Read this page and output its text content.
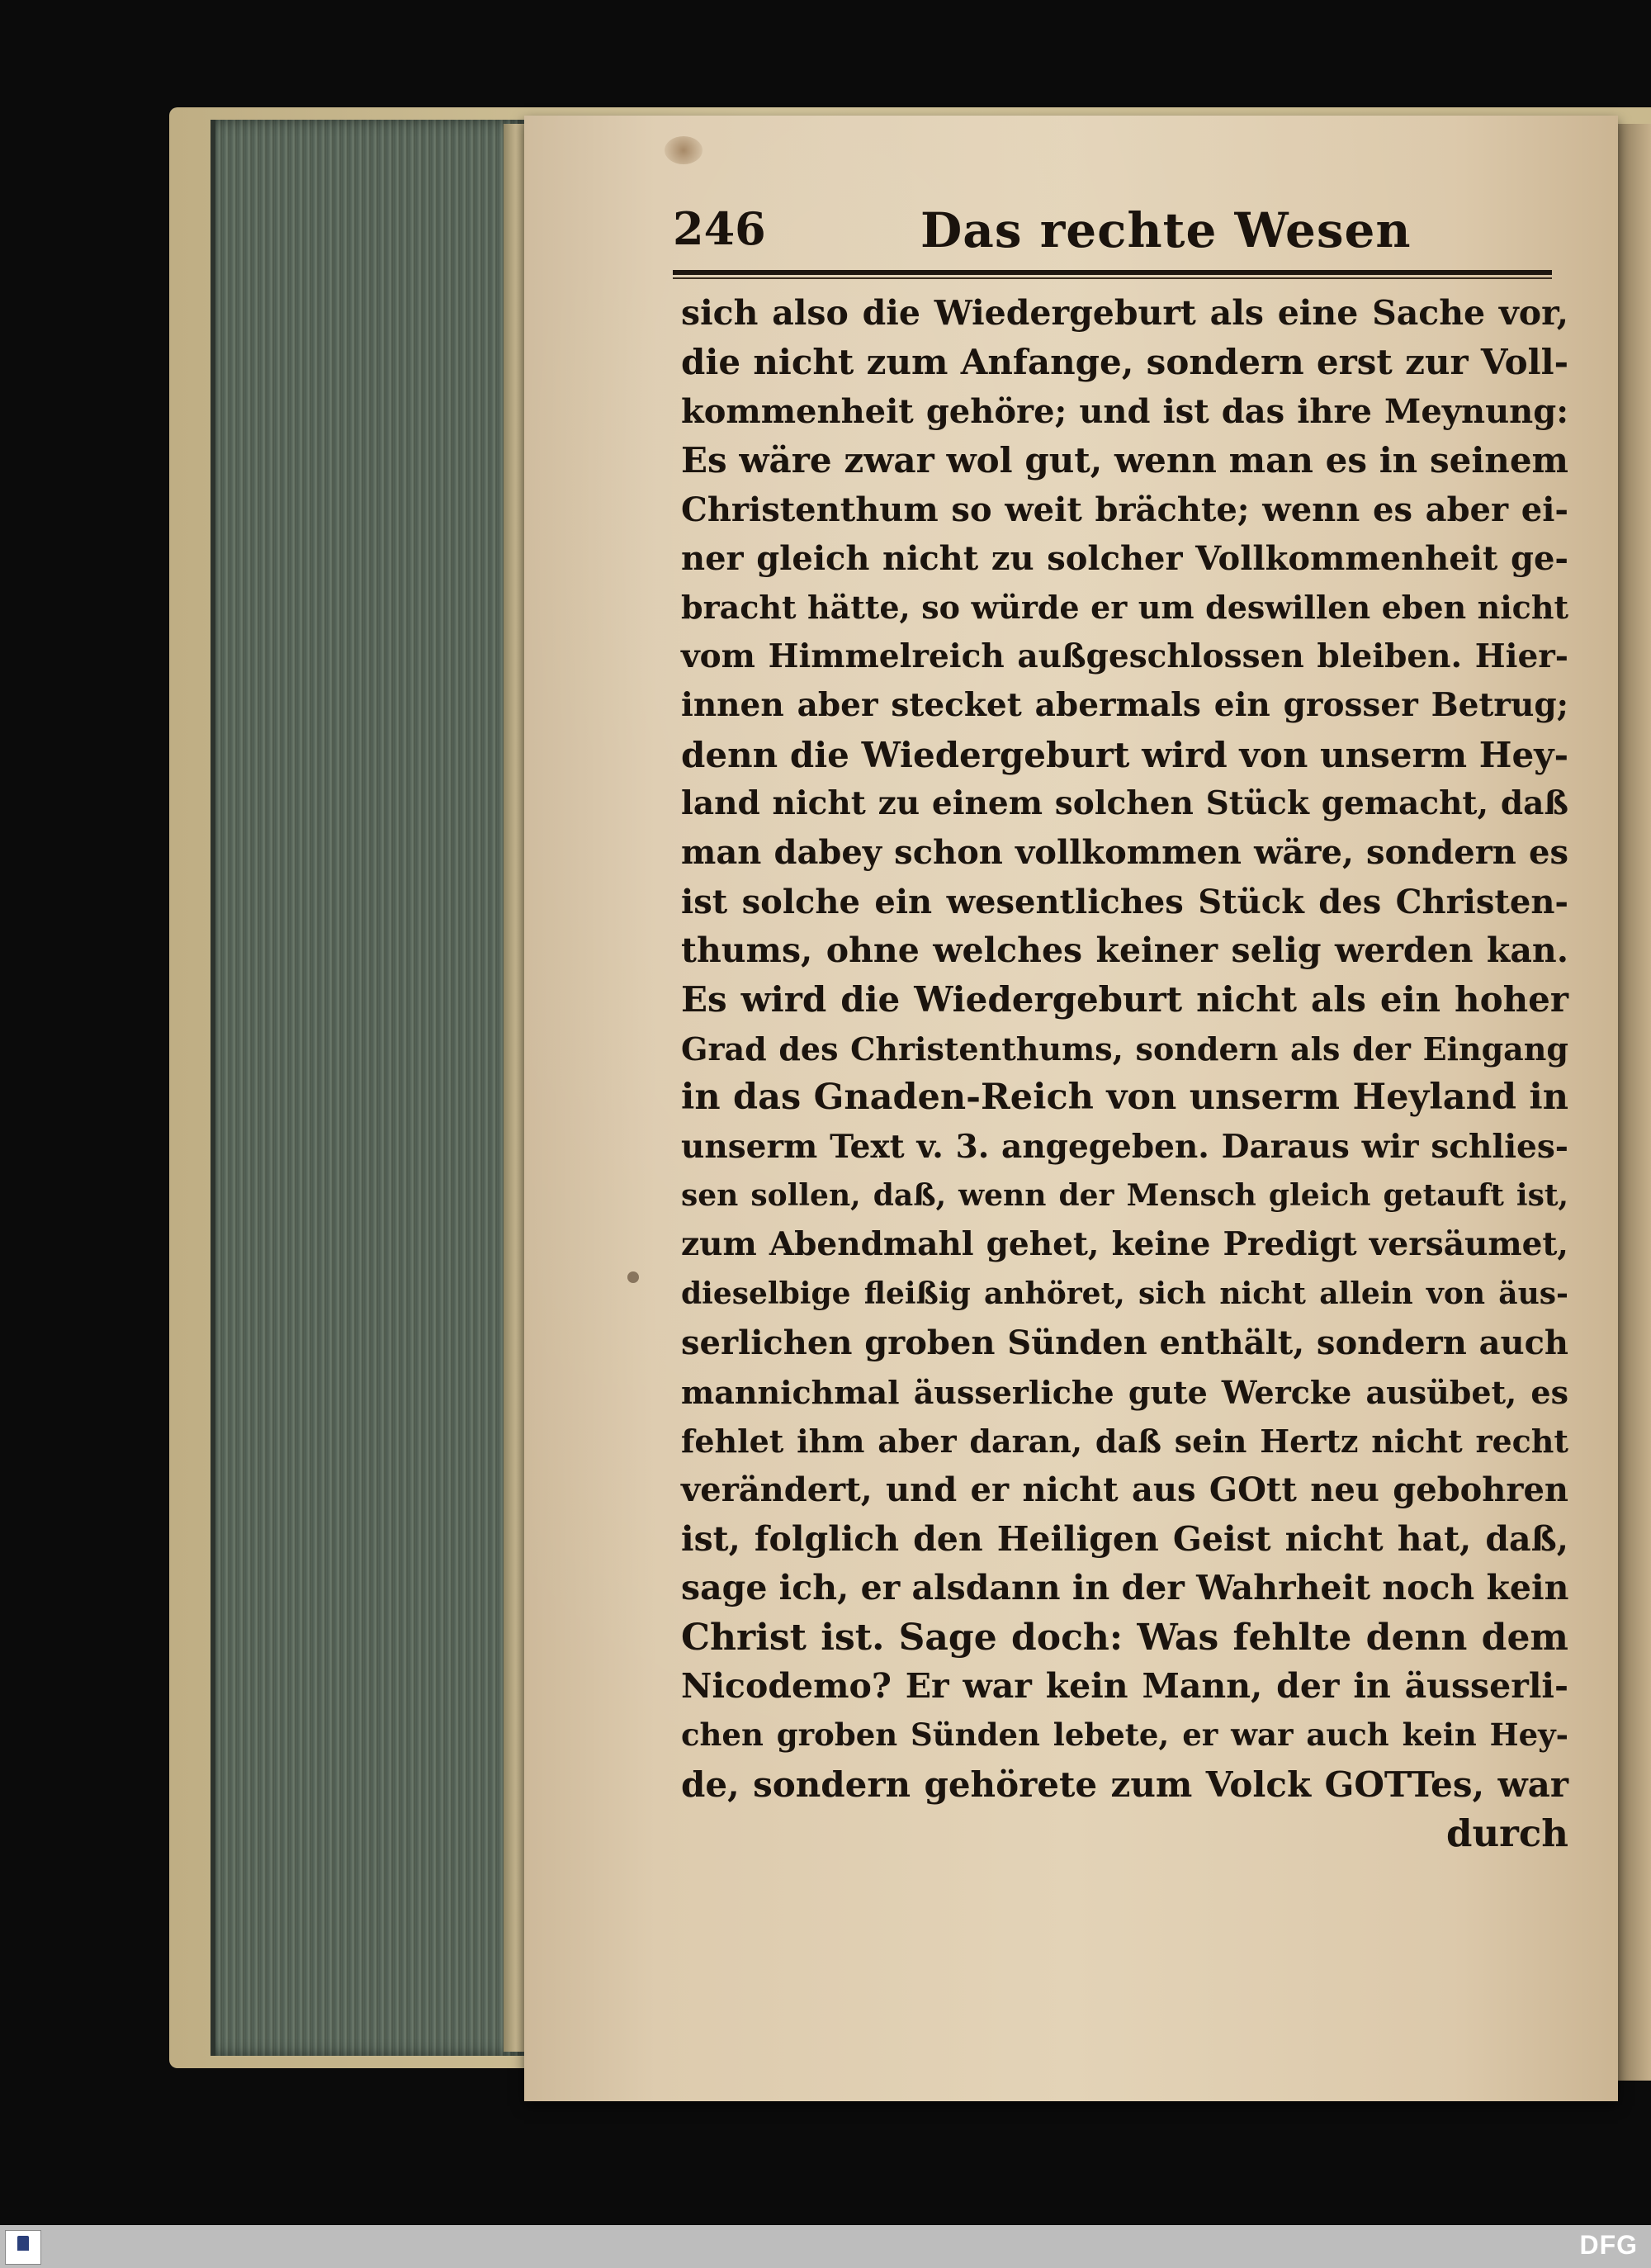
246	Das rechte Wesen
sich also die Wiedergeburt als eine Sache vor,
die nicht zum Anfange, sondern erst zur Voll-
kommenheit gehöre; und ist das ihre Meynung:
Es wäre zwar wol gut, wenn man es in seinem
Christenthum so weit brächte; wenn es aber ei-
ner gleich nicht zu solcher Vollkommenheit ge-
bracht hätte, so würde er um deswillen eben nicht
vom Himmelreich außgeschlossen bleiben. Hier-
innen aber stecket abermals ein grosser Betrug;
denn die Wiedergeburt wird von unserm Hey-
land nicht zu einem solchen Stück gemacht, daß
man dabey schon vollkommen wäre, sondern es
ist solche ein wesentliches Stück des Christen-
thums, ohne welches keiner selig werden kan.
Es wird die Wiedergeburt nicht als ein hoher
Grad des Christenthums, sondern als der Eingang
in das Gnaden-Reich von unserm Heyland in
unserm Text v. 3. angegeben. Daraus wir schlies-
sen sollen, daß, wenn der Mensch gleich getauft ist,
zum Abendmahl gehet, keine Predigt versäumet,
dieselbige fleißig anhöret, sich nicht allein von äus-
serlichen groben Sünden enthält, sondern auch
mannichmal äusserliche gute Wercke ausübet, es
fehlet ihm aber daran, daß sein Hertz nicht recht
verändert, und er nicht aus GOtt neu gebohren
ist, folglich den Heiligen Geist nicht hat, daß,
sage ich, er alsdann in der Wahrheit noch kein
Christ ist. Sage doch: Was fehlte denn dem
Nicodemo? Er war kein Mann, der in äusserli-
chen groben Sünden lebete, er war auch kein Hey-
de, sondern gehörete zum Volck GOTTes, war
durch
DFG
